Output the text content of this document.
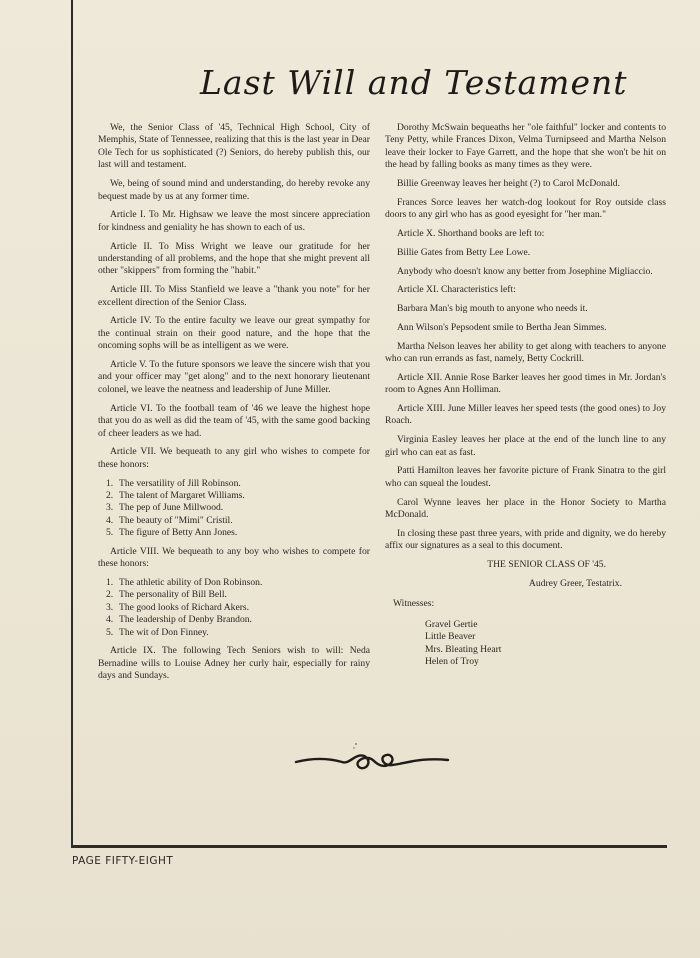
Last Will and Testament

We, the Senior Class of '45, Technical High School, City of Memphis, State of Tennessee, realizing that this is the last year in Dear Ole Tech for us sophisticated (?) Seniors, do hereby publish this, our last will and testament.

We, being of sound mind and understanding, do hereby revoke any bequest made by us at any former time.

Article I. To Mr. Highsaw we leave the most sincere appreciation for kindness and geniality he has shown to each of us.

Article II. To Miss Wright we leave our gratitude for her understanding of all problems, and the hope that she might prevent all other "skippers" from forming the "habit."

Article III. To Miss Stanfield we leave a "thank you note" for her excellent direction of the Senior Class.

Article IV. To the entire faculty we leave our great sympathy for the continual strain on their good nature, and the hope that the oncoming sophs will be as intelligent as we were.

Article V. To the future sponsors we leave the sincere wish that you and your officer may "get along" and to the next honorary lieutenant colonel, we leave the neatness and leadership of June Miller.

Article VI. To the football team of '46 we leave the highest hope that you do as well as did the team of '45, with the same good backing of cheer leaders as we had.

Article VII. We bequeath to any girl who wishes to compete for these honors:

1. The versatility of Jill Robinson.
2. The talent of Margaret Williams.
3. The pep of June Millwood.
4. The beauty of "Mimi" Cristil.
5. The figure of Betty Ann Jones.

Article VIII. We bequeath to any boy who wishes to compete for these honors:

1. The athletic ability of Don Robinson.
2. The personality of Bill Bell.
3. The good looks of Richard Akers.
4. The leadership of Denby Brandon.
5. The wit of Don Finney.

Article IX. The following Tech Seniors wish to will: Neda Bernadine wills to Louise Adney her curly hair, especially for rainy days and Sundays.

Dorothy McSwain bequeaths her "ole faithful" locker and contents to Teny Petty, while Frances Dixon, Velma Turnipseed and Martha Nelson leave their locker to Faye Garrett, and the hope that she won't be hit on the head by falling books as many times as they were.

Billie Greenway leaves her height (?) to Carol McDonald.

Frances Sorce leaves her watch-dog lookout for Roy outside class doors to any girl who has as good eyesight for "her man."

Article X. Shorthand books are left to:

Billie Gates from Betty Lee Lowe.

Anybody who doesn't know any better from Josephine Migliaccio.

Article XI. Characteristics left:

Barbara Man's big mouth to anyone who needs it.

Ann Wilson's Pepsodent smile to Bertha Jean Simmes.

Martha Nelson leaves her ability to get along with teachers to anyone who can run errands as fast, namely, Betty Cockrill.

Article XII. Annie Rose Barker leaves her good times in Mr. Jordan's room to Agnes Ann Holliman.

Article XIII. June Miller leaves her speed tests (the good ones) to Joy Roach.

Virginia Easley leaves her place at the end of the lunch line to any girl who can eat as fast.

Patti Hamilton leaves her favorite picture of Frank Sinatra to the girl who can squeal the loudest.

Carol Wynne leaves her place in the Honor Society to Martha McDonald.

In closing these past three years, with pride and dignity, we do hereby affix our signatures as a seal to this document.

THE SENIOR CLASS OF '45.

Audrey Greer, Testatrix.

Witnesses:

Gravel Gertie
Little Beaver
Mrs. Bleating Heart
Helen of Troy
PAGE FIFTY-EIGHT
